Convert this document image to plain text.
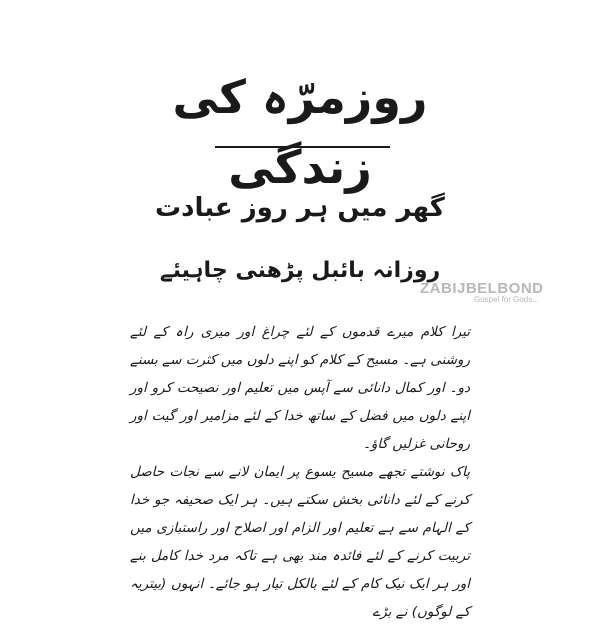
روزمرّہ کی زندگی
گھر میں ہر روز عبادت
روزانہ بائبل پڑھنی چاہیئے
ZABIJBELBOND
Gospel for Gods...

تیرا کلام میرے قدموں کے لئے چراغ اور میری راہ کے لئے روشنی ہے۔ مسیح کے کلام کو اپنے دلوں میں کثرت سے بسنے دو۔ اور کمال دانائی سے آپس میں تعلیم اور نصیحت کرو اور اپنے دلوں میں فضل کے ساتھ خدا کے لئے مزامیر اور گیت اور روحانی غزلیں گاؤ۔

پاک نوشتے تجھے مسیح یسوع پر ایمان لانے سے نجات حاصل کرنے کے لئے دانائی بخش سکتے ہیں۔ ہر ایک صحیفہ جو خدا کے الہام سے ہے تعلیم اور الزام اور اصلاح اور راستبازی میں تربیت کرنے کے لئے فائدہ مند بھی ہے تاکہ مرد خدا کامل بنے اور ہر ایک نیک کام کے لئے بالکل تیار ہو جائے۔ انہوں (بیتریہ کے لوگوں) نے بڑے
